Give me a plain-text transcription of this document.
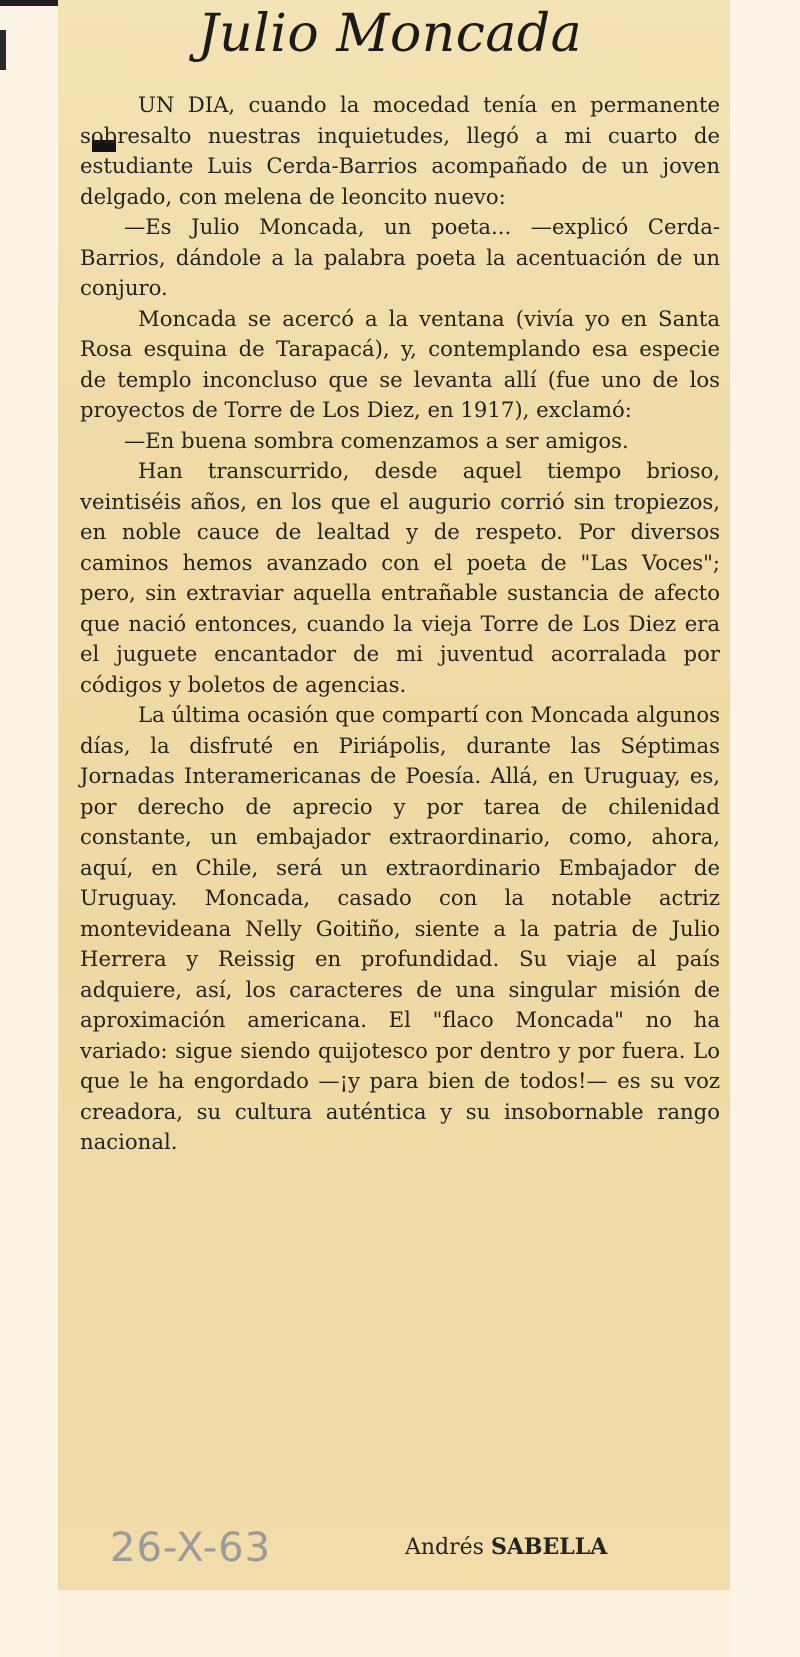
Julio Moncada

UN DIA, cuando la mocedad tenía en permanente sobresalto nuestras inquietudes, llegó a mi cuarto de estudiante Luis Cerda-Barrios acompañado de un joven delgado, con melena de leoncito nuevo:

—Es Julio Moncada, un poeta... —explicó Cerda-Barrios, dándole a la palabra poeta la acentuación de un conjuro.

Moncada se acercó a la ventana (vivía yo en Santa Rosa esquina de Tarapacá), y, contemplando esa especie de templo inconcluso que se levanta allí (fue uno de los proyectos de Torre de Los Diez, en 1917), exclamó:

—En buena sombra comenzamos a ser amigos.

Han transcurrido, desde aquel tiempo brioso, veintiséis años, en los que el augurio corrió sin tropiezos, en noble cauce de lealtad y de respeto. Por diversos caminos hemos avanzado con el poeta de "Las Voces"; pero, sin extraviar aquella entrañable sustancia de afecto que nació entonces, cuando la vieja Torre de Los Diez era el juguete encantador de mi juventud acorralada por códigos y boletos de agencias.

La última ocasión que compartí con Moncada algunos días, la disfruté en Piriápolis, durante las Séptimas Jornadas Interamericanas de Poesía. Allá, en Uruguay, es, por derecho de aprecio y por tarea de chilenidad constante, un embajador extraordinario, como, ahora, aquí, en Chile, será un extraordinario Embajador de Uruguay. Moncada, casado con la notable actriz montevideana Nelly Goitiño, siente a la patria de Julio Herrera y Reissig en profundidad. Su viaje al país adquiere, así, los caracteres de una singular misión de aproximación americana. El "flaco Moncada" no ha variado: sigue siendo quijotesco por dentro y por fuera. Lo que le ha engordado —¡y para bien de todos!— es su voz creadora, su cultura auténtica y su insobornable rango nacional.

26-X-63	Andrés SABELLA
